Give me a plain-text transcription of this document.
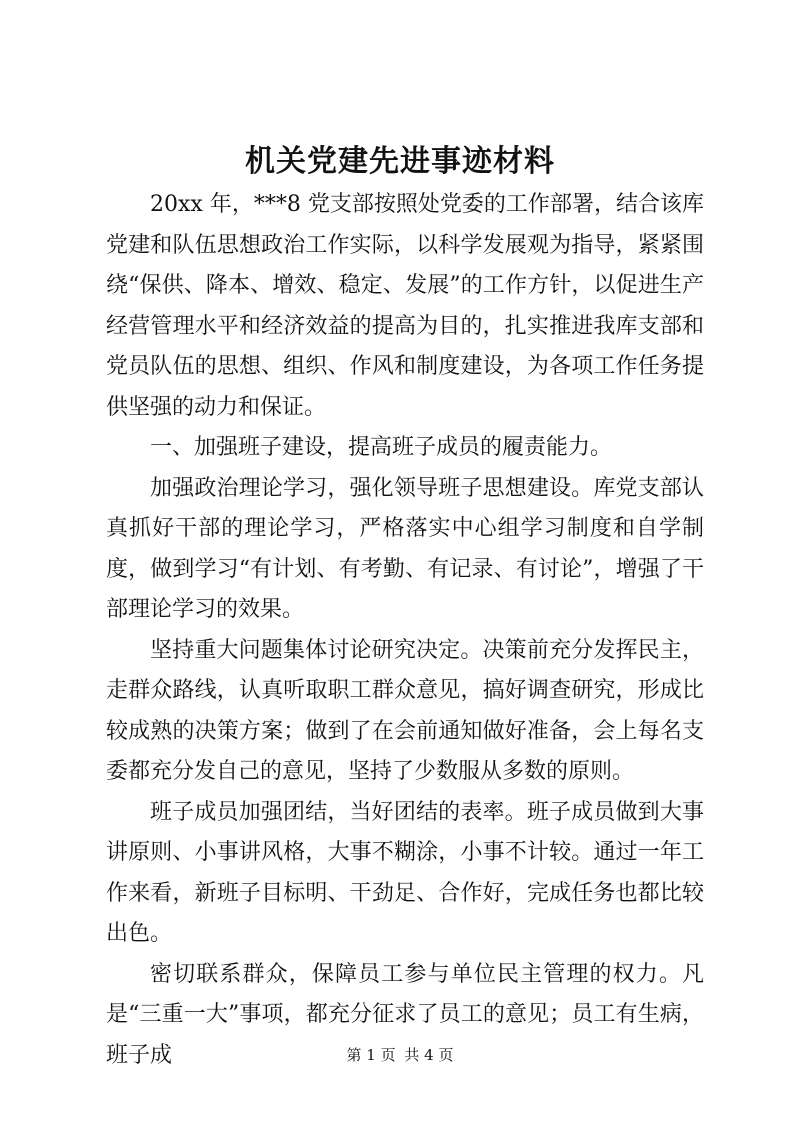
机关党建先进事迹材料

20xx 年，***8 党支部按照处党委的工作部署，结合该库党建和队伍思想政治工作实际，以科学发展观为指导，紧紧围绕“保供、降本、增效、稳定、发展”的工作方针，以促进生产经营管理水平和经济效益的提高为目的，扎实推进我库支部和党员队伍的思想、组织、作风和制度建设，为各项工作任务提供坚强的动力和保证。

一、加强班子建设，提高班子成员的履责能力。

加强政治理论学习，强化领导班子思想建设。库党支部认真抓好干部的理论学习，严格落实中心组学习制度和自学制度，做到学习“有计划、有考勤、有记录、有讨论”，增强了干部理论学习的效果。

坚持重大问题集体讨论研究决定。决策前充分发挥民主，走群众路线，认真听取职工群众意见，搞好调查研究，形成比较成熟的决策方案；做到了在会前通知做好准备，会上每名支委都充分发自己的意见，坚持了少数服从多数的原则。

班子成员加强团结，当好团结的表率。班子成员做到大事讲原则、小事讲风格，大事不糊涂，小事不计较。通过一年工作来看，新班子目标明、干劲足、合作好，完成任务也都比较出色。

密切联系群众，保障员工参与单位民主管理的权力。凡是“三重一大”事项，都充分征求了员工的意见；员工有生病，班子成	第 1 页 共 4 页
